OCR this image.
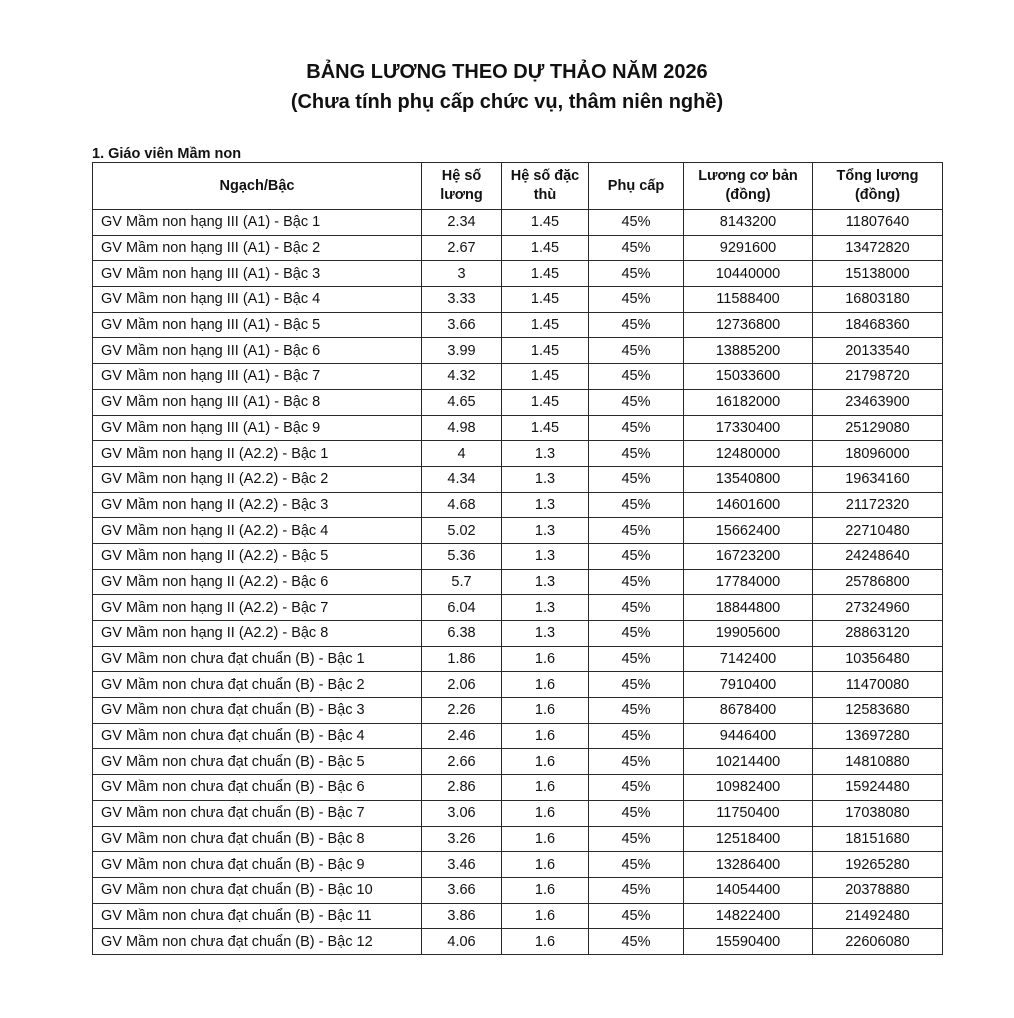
BẢNG LƯƠNG THEO DỰ THẢO NĂM 2026
(Chưa tính phụ cấp chức vụ, thâm niên nghề)
1. Giáo viên Mầm non
Ngạch/Bậc	Hệ số lương	Hệ số đặc thù	Phụ cấp	Lương cơ bản (đồng)	Tổng lương (đồng)
GV Mầm non hạng III (A1) - Bậc 1	2.34	1.45	45%	8143200	11807640
GV Mầm non hạng III (A1) - Bậc 2	2.67	1.45	45%	9291600	13472820
GV Mầm non hạng III (A1) - Bậc 3	3	1.45	45%	10440000	15138000
GV Mầm non hạng III (A1) - Bậc 4	3.33	1.45	45%	11588400	16803180
GV Mầm non hạng III (A1) - Bậc 5	3.66	1.45	45%	12736800	18468360
GV Mầm non hạng III (A1) - Bậc 6	3.99	1.45	45%	13885200	20133540
GV Mầm non hạng III (A1) - Bậc 7	4.32	1.45	45%	15033600	21798720
GV Mầm non hạng III (A1) - Bậc 8	4.65	1.45	45%	16182000	23463900
GV Mầm non hạng III (A1) - Bậc 9	4.98	1.45	45%	17330400	25129080
GV Mầm non hạng II (A2.2) - Bậc 1	4	1.3	45%	12480000	18096000
GV Mầm non hạng II (A2.2) - Bậc 2	4.34	1.3	45%	13540800	19634160
GV Mầm non hạng II (A2.2) - Bậc 3	4.68	1.3	45%	14601600	21172320
GV Mầm non hạng II (A2.2) - Bậc 4	5.02	1.3	45%	15662400	22710480
GV Mầm non hạng II (A2.2) - Bậc 5	5.36	1.3	45%	16723200	24248640
GV Mầm non hạng II (A2.2) - Bậc 6	5.7	1.3	45%	17784000	25786800
GV Mầm non hạng II (A2.2) - Bậc 7	6.04	1.3	45%	18844800	27324960
GV Mầm non hạng II (A2.2) - Bậc 8	6.38	1.3	45%	19905600	28863120
GV Mầm non chưa đạt chuẩn (B) - Bậc 1	1.86	1.6	45%	7142400	10356480
GV Mầm non chưa đạt chuẩn (B) - Bậc 2	2.06	1.6	45%	7910400	11470080
GV Mầm non chưa đạt chuẩn (B) - Bậc 3	2.26	1.6	45%	8678400	12583680
GV Mầm non chưa đạt chuẩn (B) - Bậc 4	2.46	1.6	45%	9446400	13697280
GV Mầm non chưa đạt chuẩn (B) - Bậc 5	2.66	1.6	45%	10214400	14810880
GV Mầm non chưa đạt chuẩn (B) - Bậc 6	2.86	1.6	45%	10982400	15924480
GV Mầm non chưa đạt chuẩn (B) - Bậc 7	3.06	1.6	45%	11750400	17038080
GV Mầm non chưa đạt chuẩn (B) - Bậc 8	3.26	1.6	45%	12518400	18151680
GV Mầm non chưa đạt chuẩn (B) - Bậc 9	3.46	1.6	45%	13286400	19265280
GV Mầm non chưa đạt chuẩn (B) - Bậc 10	3.66	1.6	45%	14054400	20378880
GV Mầm non chưa đạt chuẩn (B) - Bậc 11	3.86	1.6	45%	14822400	21492480
GV Mầm non chưa đạt chuẩn (B) - Bậc 12	4.06	1.6	45%	15590400	22606080
